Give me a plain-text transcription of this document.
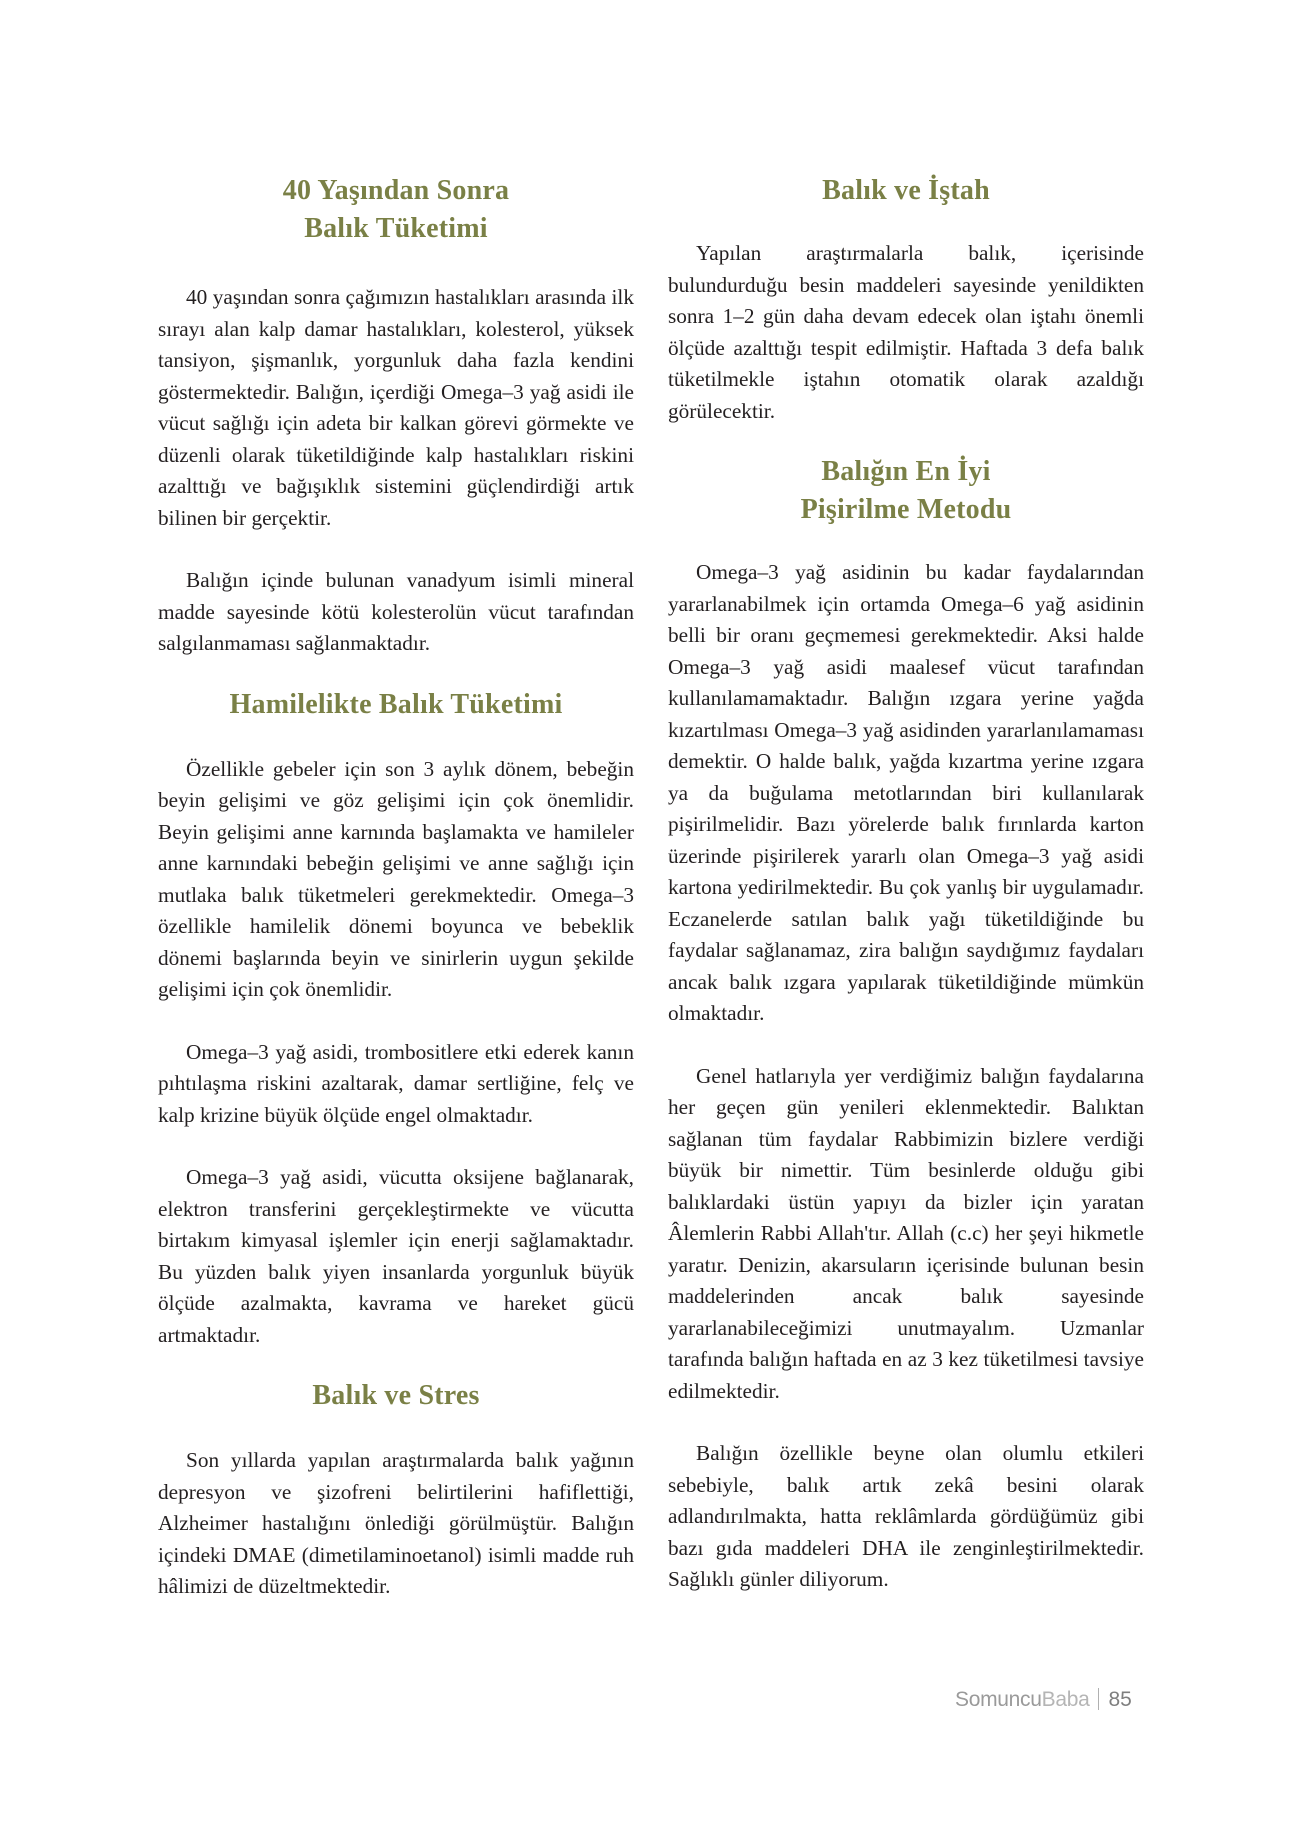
40 Yaşından Sonra
Balık Tüketimi

40 yaşından sonra çağımızın hastalıkları arasında ilk sırayı alan kalp damar hastalıkları, kolesterol, yüksek tansiyon, şişmanlık, yorgunluk daha fazla kendini göstermektedir. Balığın, içerdiği Omega–3 yağ asidi ile vücut sağlığı için adeta bir kalkan görevi görmekte ve düzenli olarak tüketildiğinde kalp hastalıkları riskini azalttığı ve bağışıklık sistemini güçlendirdiği artık bilinen bir gerçektir.

Balığın içinde bulunan vanadyum isimli mineral madde sayesinde kötü kolesterolün vücut tarafından salgılanmaması sağlanmaktadır.

Hamilelikte Balık Tüketimi

Özellikle gebeler için son 3 aylık dönem, bebeğin beyin gelişimi ve göz gelişimi için çok önemlidir. Beyin gelişimi anne karnında başlamakta ve hamileler anne karnındaki bebeğin gelişimi ve anne sağlığı için mutlaka balık tüketmeleri gerekmektedir. Omega–3 özellikle hamilelik dönemi boyunca ve bebeklik dönemi başlarında beyin ve sinirlerin uygun şekilde gelişimi için çok önemlidir.

Omega–3 yağ asidi, trombositlere etki ederek kanın pıhtılaşma riskini azaltarak, damar sertliğine, felç ve kalp krizine büyük ölçüde engel olmaktadır.

Omega–3 yağ asidi, vücutta oksijene bağlanarak, elektron transferini gerçekleştirmekte ve vücutta birtakım kimyasal işlemler için enerji sağlamaktadır. Bu yüzden balık yiyen insanlarda yorgunluk büyük ölçüde azalmakta, kavrama ve hareket gücü artmaktadır.

Balık ve Stres

Son yıllarda yapılan araştırmalarda balık yağının depresyon ve şizofreni belirtilerini hafiflettiği, Alzheimer hastalığını önlediği görülmüştür. Balığın içindeki DMAE (dimetilaminoetanol) isimli madde ruh hâlimizi de düzeltmektedir.

Balık ve İştah

Yapılan araştırmalarla balık, içerisinde bulundurduğu besin maddeleri sayesinde yenildikten sonra 1–2 gün daha devam edecek olan iştahı önemli ölçüde azalttığı tespit edilmiştir. Haftada 3 defa balık tüketilmekle iştahın otomatik olarak azaldığı görülecektir.

Balığın En İyi
Pişirilme Metodu

Omega–3 yağ asidinin bu kadar faydalarından yararlanabilmek için ortamda Omega–6 yağ asidinin belli bir oranı geçmemesi gerekmektedir. Aksi halde Omega–3 yağ asidi maalesef vücut tarafından kullanılamamaktadır. Balığın ızgara yerine yağda kızartılması Omega–3 yağ asidinden yararlanılamaması demektir. O halde balık, yağda kızartma yerine ızgara ya da buğulama metotlarından biri kullanılarak pişirilmelidir. Bazı yörelerde balık fırınlarda karton üzerinde pişirilerek yararlı olan Omega–3 yağ asidi kartona yedirilmektedir. Bu çok yanlış bir uygulamadır. Eczanelerde satılan balık yağı tüketildiğinde bu faydalar sağlanamaz, zira balığın saydığımız faydaları ancak balık ızgara yapılarak tüketildiğinde mümkün olmaktadır.

Genel hatlarıyla yer verdiğimiz balığın faydalarına her geçen gün yenileri eklenmektedir. Balıktan sağlanan tüm faydalar Rabbimizin bizlere verdiği büyük bir nimettir. Tüm besinlerde olduğu gibi balıklardaki üstün yapıyı da bizler için yaratan Âlemlerin Rabbi Allah'tır. Allah (c.c) her şeyi hikmetle yaratır. Denizin, akarsuların içerisinde bulunan besin maddelerinden ancak balık sayesinde yararlanabileceğimizi unutmayalım. Uzmanlar tarafında balığın haftada en az 3 kez tüketilmesi tavsiye edilmektedir.

Balığın özellikle beyne olan olumlu etkileri sebebiyle, balık artık zekâ besini olarak adlandırılmakta, hatta reklâmlarda gördüğümüz gibi bazı gıda maddeleri DHA ile zenginleştirilmektedir. Sağlıklı günler diliyorum.

SomuncuBaba 85
